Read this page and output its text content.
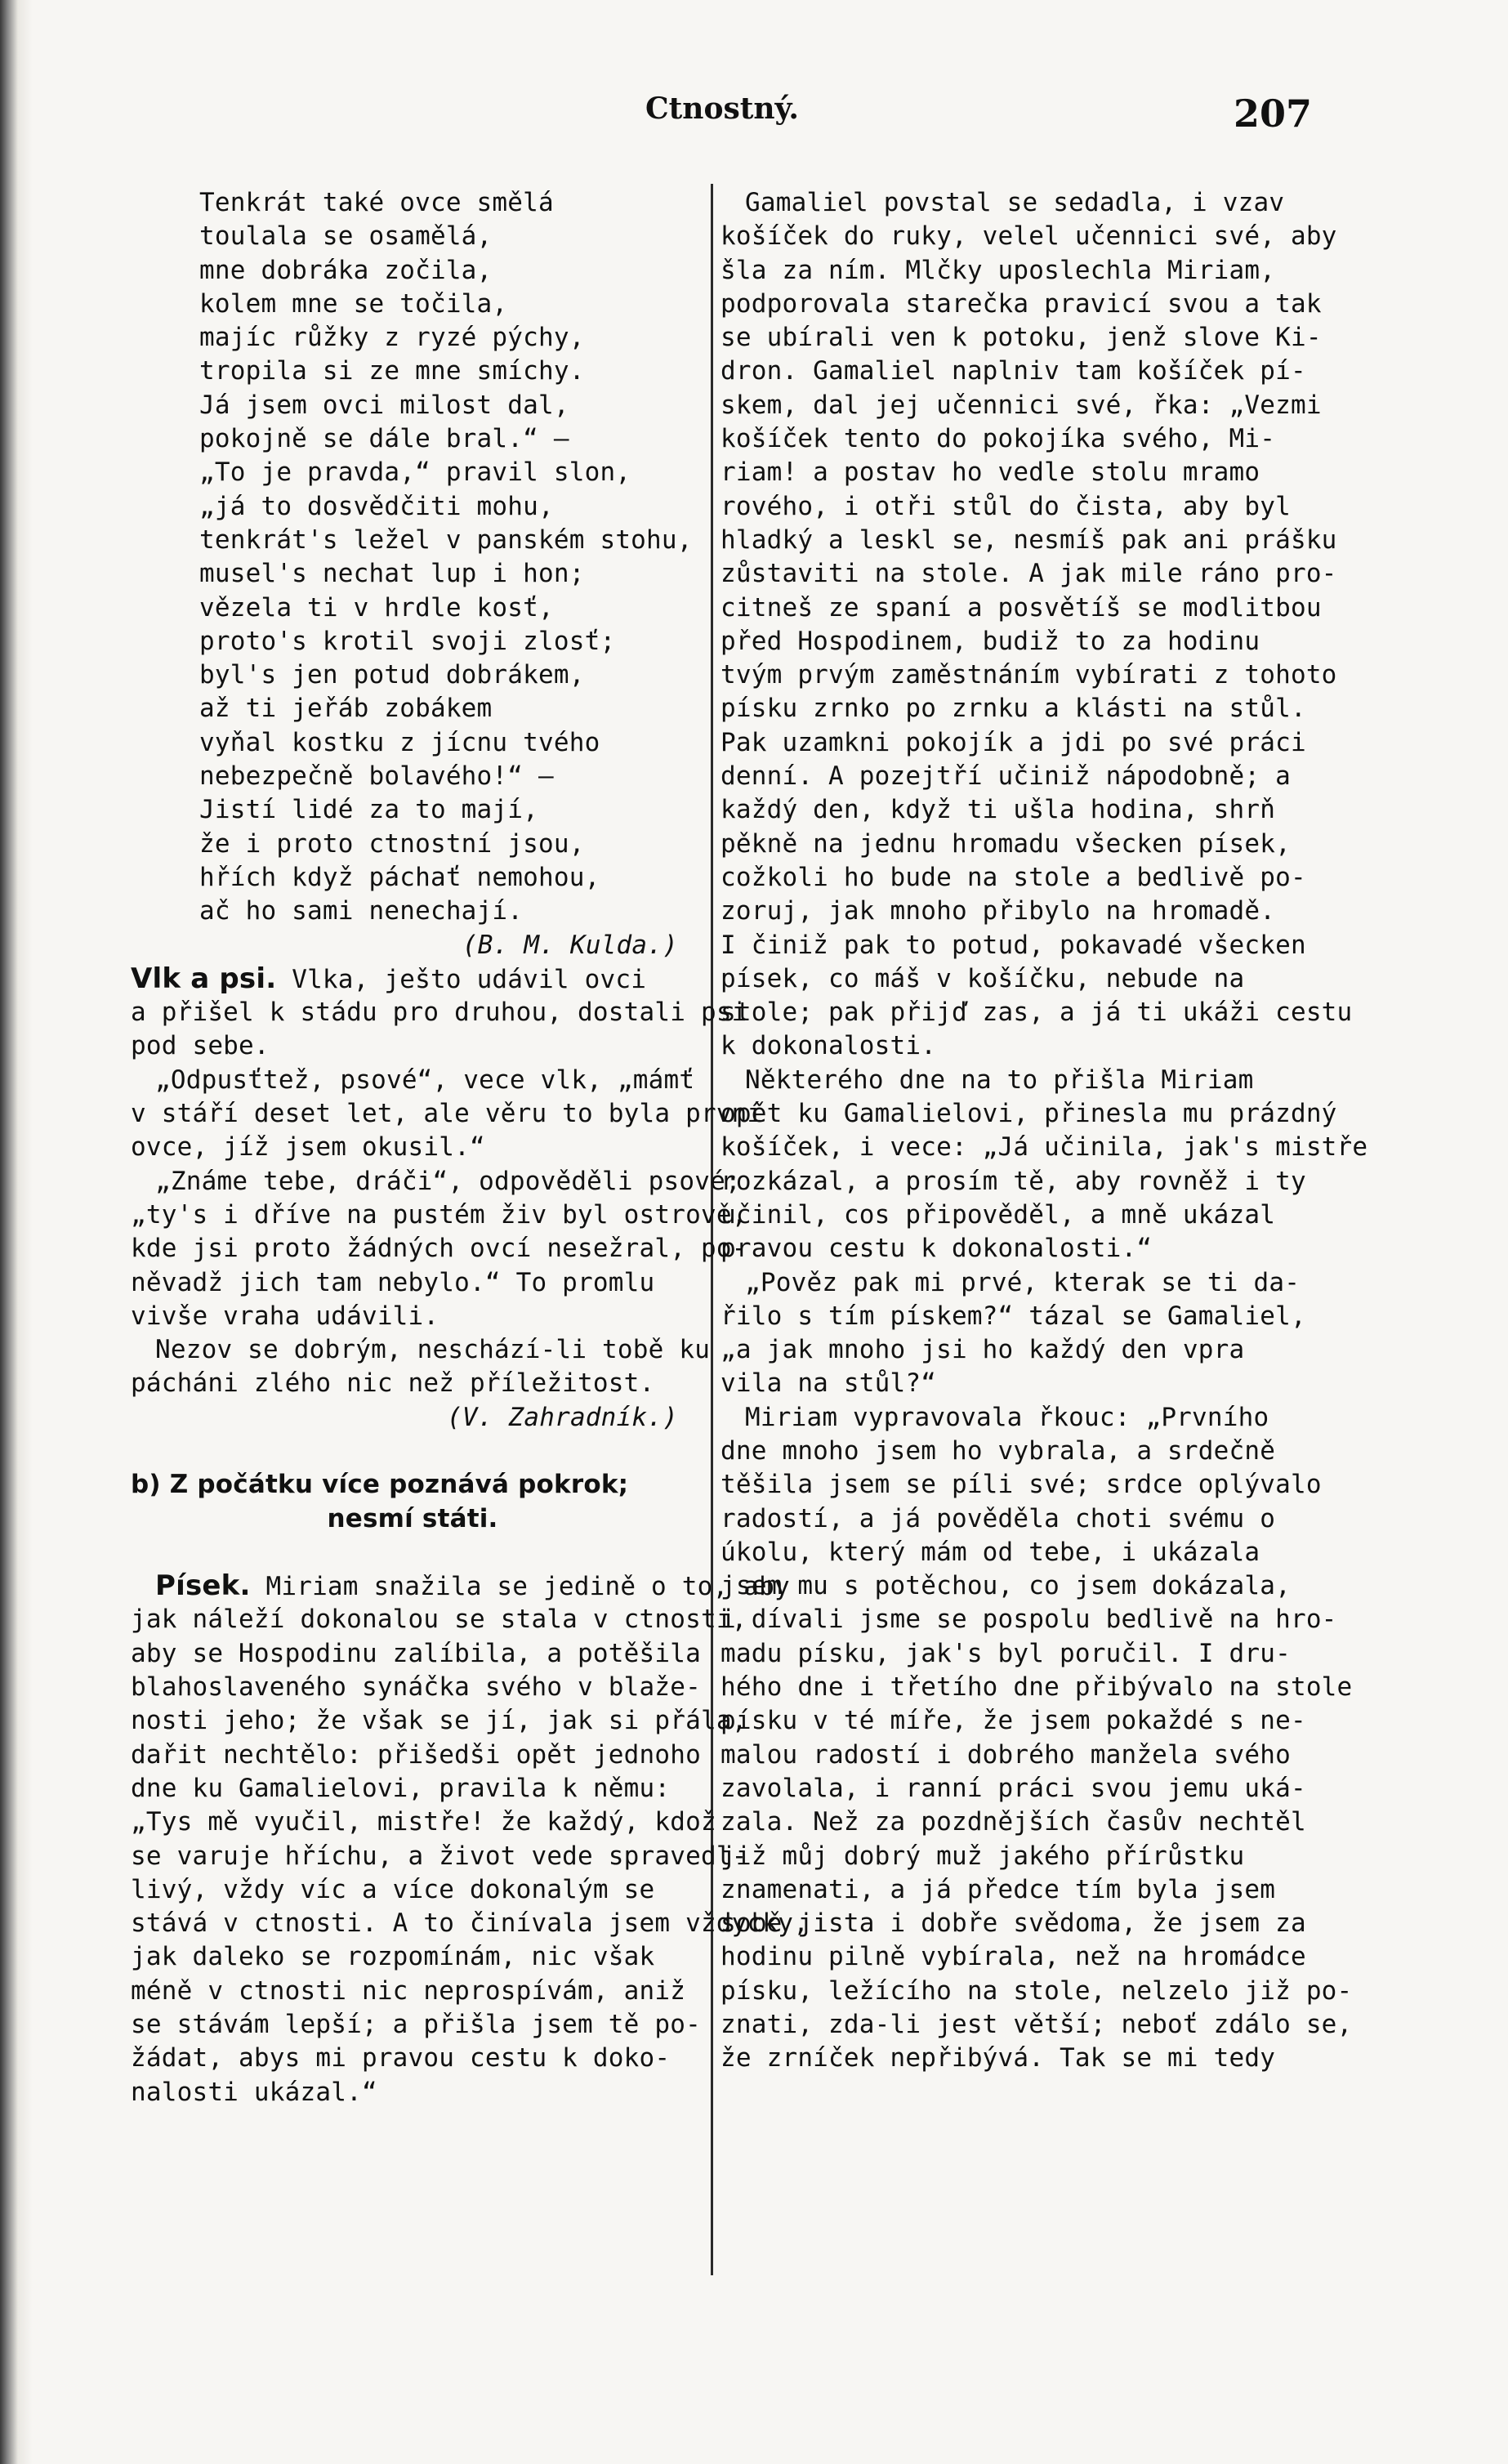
Ctnostný.	207
Tenkrát také ovce smělá
toulala se osamělá,
mne dobráka zočila,
kolem mne se točila,
majíc růžky z ryzé pýchy,
tropila si ze mne smíchy.
Já jsem ovci milost dal,
pokojně se dále bral.“ —
„To je pravda,“ pravil slon,
„já to dosvědčiti mohu,
tenkrát's ležel v panském stohu,
musel's nechat lup i hon;
vězela ti v hrdle kosť,
proto's krotil svoji zlosť;
byl's jen potud dobrákem,
až ti jeřáb zobákem
vyňal kostku z jícnu tvého
nebezpečně bolavého!“ —
Jistí lidé za to mají,
že i proto ctnostní jsou,
hřích když páchať nemohou,
ač ho sami nenechají.
(B. M. Kulda.)
Vlk a psi. Vlka, ješto udávil ovci
a přišel k stádu pro druhou, dostali psi
pod sebe.
„Odpusťtež, psové“, vece vlk, „mámť
v stáří deset let, ale věru to byla první
ovce, jíž jsem okusil.“
„Známe tebe, dráči“, odpověděli psové;
„ty's i dříve na pustém živ byl ostrově,
kde jsi proto žádných ovcí nesežral, po-
něvadž jich tam nebylo.“ To promlu
vivše vraha udávili.
Nezov se dobrým, neschází-li tobě ku
pácháni zlého nic než příležitost.
(V. Zahradník.)
b) Z počátku více poznává pokrok;
nesmí státi.
Písek. Miriam snažila se jedině o to, aby
jak náleží dokonalou se stala v ctnosti,
aby se Hospodinu zalíbila, a potěšila
blahoslaveného synáčka svého v blaže-
nosti jeho; že však se jí, jak si přála,
dařit nechtělo: přišedši opět jednoho
dne ku Gamalielovi, pravila k němu:
„Tys mě vyučil, mistře! že každý, kdož
se varuje hříchu, a život vede spravedl-
livý, vždy víc a více dokonalým se
stává v ctnosti. A to činívala jsem vždycky,
jak daleko se rozpomínám, nic však
méně v ctnosti nic neprospívám, aniž
se stávám lepší; a přišla jsem tě po-
žádat, abys mi pravou cestu k doko-
nalosti ukázal.“
Gamaliel povstal se sedadla, i vzav
košíček do ruky, velel učennici své, aby
šla za ním. Mlčky uposlechla Miriam,
podporovala starečka pravicí svou a tak
se ubírali ven k potoku, jenž slove Ki-
dron. Gamaliel naplniv tam košíček pí-
skem, dal jej učennici své, řka: „Vezmi
košíček tento do pokojíka svého, Mi-
riam! a postav ho vedle stolu mramo
rového, i otři stůl do čista, aby byl
hladký a leskl se, nesmíš pak ani prášku
zůstaviti na stole. A jak mile ráno pro-
citneš ze spaní a posvětíš se modlitbou
před Hospodinem, budiž to za hodinu
tvým prvým zaměstnáním vybírati z tohoto
písku zrnko po zrnku a klásti na stůl.
Pak uzamkni pokojík a jdi po své práci
denní. A pozejtří učiniž nápodobně; a
každý den, když ti ušla hodina, shrň
pěkně na jednu hromadu všecken písek,
cožkoli ho bude na stole a bedlivě po-
zoruj, jak mnoho přibylo na hromadě.
I činiž pak to potud, pokavadé všecken
písek, co máš v košíčku, nebude na
stole; pak přijď zas, a já ti ukáži cestu
k dokonalosti.
Některého dne na to přišla Miriam
opět ku Gamalielovi, přinesla mu prázdný
košíček, i vece: „Já učinila, jak's mistře
rozkázal, a prosím tě, aby rovněž i ty
učinil, cos připověděl, a mně ukázal
pravou cestu k dokonalosti.“
„Pověz pak mi prvé, kterak se ti da-
řilo s tím pískem?“ tázal se Gamaliel,
„a jak mnoho jsi ho každý den vpra
vila na stůl?“
Miriam vypravovala řkouc: „Prvního
dne mnoho jsem ho vybrala, a srdečně
těšila jsem se píli své; srdce oplývalo
radostí, a já pověděla choti svému o
úkolu, který mám od tebe, i ukázala
jsem mu s potěchou, co jsem dokázala,
i dívali jsme se pospolu bedlivě na hro-
madu písku, jak's byl poručil. I dru-
hého dne i třetího dne přibývalo na stole
písku v té míře, že jsem pokaždé s ne-
malou radostí i dobrého manžela svého
zavolala, i ranní práci svou jemu uká-
zala. Než za pozdnějších časův nechtěl
již můj dobrý muž jakého přírůstku
znamenati, a já předce tím byla jsem
sobě jista i dobře svědoma, že jsem za
hodinu pilně vybírala, než na hromádce
písku, ležícího na stole, nelzelo již po-
znati, zda-li jest větší; neboť zdálo se,
že zrníček nepřibývá. Tak se mi tedy
